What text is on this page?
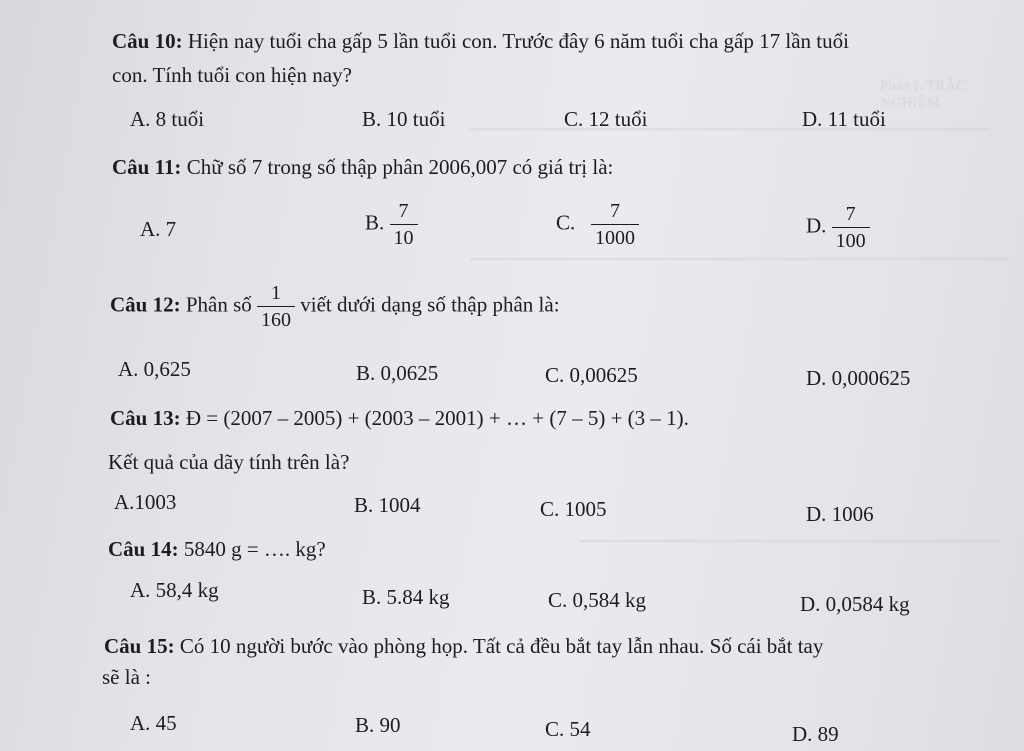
Phần I. TRẮC NGHIỆM
Câu 10: Hiện nay tuổi cha gấp 5 lần tuổi con. Trước đây 6 năm tuổi cha gấp 17 lần tuổi
con. Tính tuổi con hiện nay?
A. 8 tuổi	B. 10 tuổi	C. 12 tuổi	D. 11 tuổi
Câu 11: Chữ số 7 trong số thập phân 2006,007 có giá trị là:
A. 7	B. $\frac{7}{10}$	C. $\frac{7}{1000}$	D. $\frac{7}{100}$
Câu 12: Phân số $\frac{1}{160}$ viết dưới dạng số thập phân là:
A. 0,625	B. 0,0625	C. 0,00625	D. 0,000625
Câu 13: Đ = (2007 – 2005) + (2003 – 2001) + … + (7 – 5) + (3 – 1).
Kết quả của dãy tính trên là?
A.1003	B. 1004	C. 1005	D. 1006
Câu 14: 5840 g = …. kg?
A. 58,4 kg	B. 5.84 kg	C. 0,584 kg	D. 0,0584 kg
Câu 15: Có 10 người bước vào phòng họp. Tất cả đều bắt tay lẫn nhau. Số cái bắt tay
sẽ là :
A. 45	B. 90	C. 54	D. 89
